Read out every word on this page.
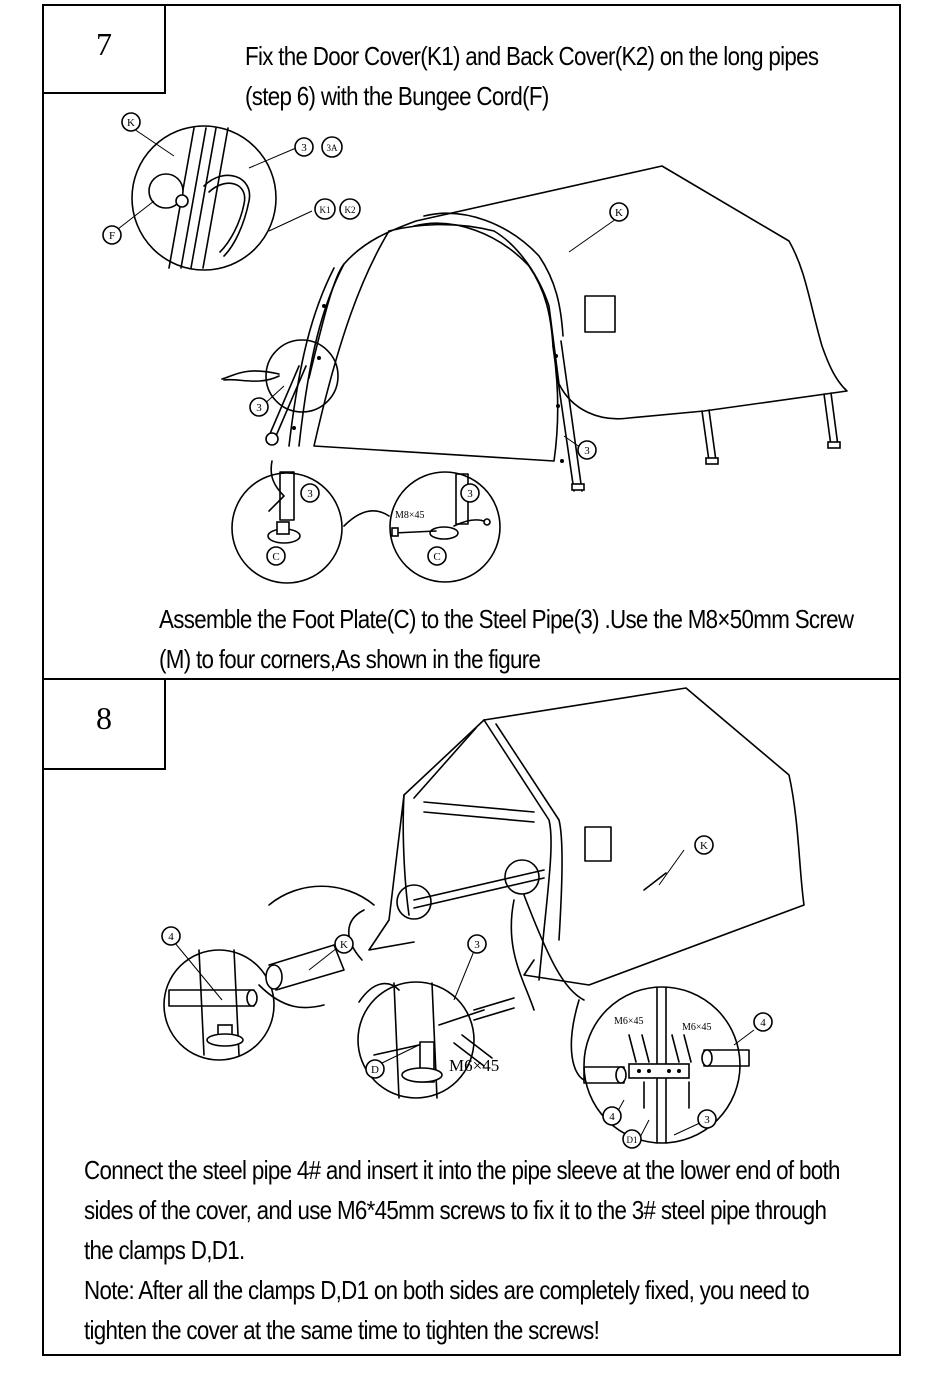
7	Fix the Door Cover(K1) and Back Cover(K2) on the long pipes
(step 6) with the Bungee Cord(F)
K
F
3 3A
K1 K2	K
3
3
3
C
3
C
M8×45
Assemble the Foot Plate(C) to the Steel Pipe(3) .Use the M8×50mm Screw
(M) to four corners,As shown in the figure
8
K
4
K	3
D	M6×45
M6×45
M6×45	4
4
D1
3
Connect the steel pipe 4# and insert it into the pipe sleeve at the lower end of both
sides of the cover, and use M6*45mm screws to fix it to the 3# steel pipe through
the clamps D,D1.
Note: After all the clamps D,D1 on both sides are completely fixed, you need to
tighten the cover at the same time to tighten the screws!
